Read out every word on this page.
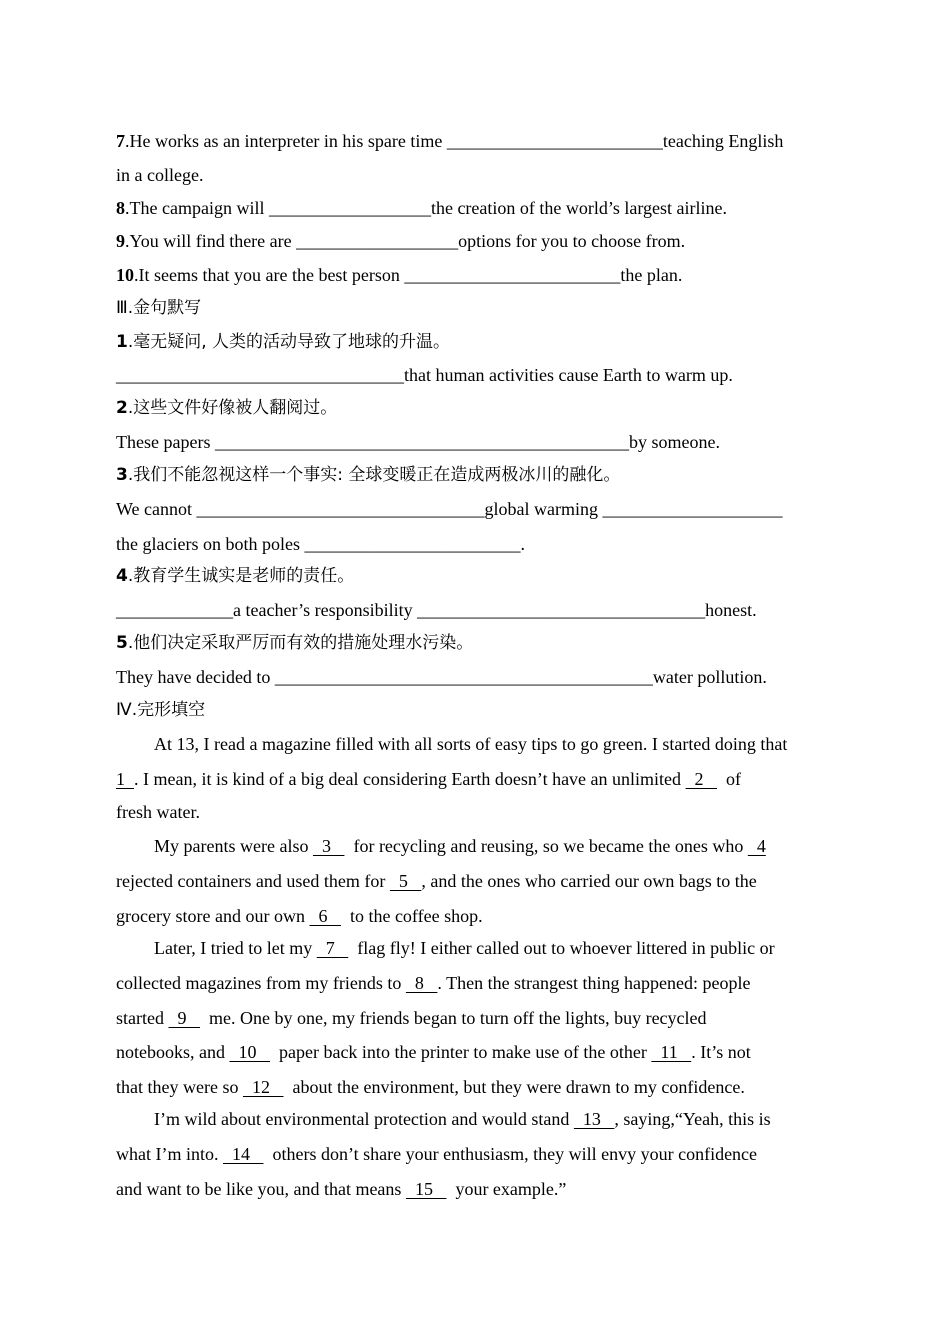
7.He works as an interpreter in his spare time ________________________teaching English
in a college.
8.The campaign will __________________the creation of the world’s largest airline.
9.You will find there are __________________options for you to choose from.
10.It seems that you are the best person ________________________the plan.
Ⅲ.金句默写
1.毫无疑问, 人类的活动导致了地球的升温。
________________________________that human activities cause Earth to warm up.
2.这些文件好像被人翻阅过。
These papers ______________________________________________by someone.
3.我们不能忽视这样一个事实: 全球变暖正在造成两极冰川的融化。
We cannot ________________________________global warming ____________________
the glaciers on both poles ________________________.
4.教育学生诚实是老师的责任。
_____________a teacher’s responsibility ________________________________honest.
5.他们决定采取严厉而有效的措施处理水污染。
They have decided to __________________________________________water pollution.
Ⅳ.完形填空
At 13, I read a magazine filled with all sorts of easy tips to go green. I started doing that
1  . I mean, it is kind of a big deal considering Earth doesn’t have an unlimited   2     of
fresh water.
My parents were also   3     for recycling and reusing, so we became the ones who   4
rejected containers and used them for   5   , and the ones who carried our own bags to the
grocery store and our own   6     to the coffee shop.
Later, I tried to let my   7     flag fly! I either called out to whoever littered in public or
collected magazines from my friends to   8   . Then the strangest thing happened: people
started   9     me. One by one, my friends began to turn off the lights, buy recycled
notebooks, and   10     paper back into the printer to make use of the other   11   . It’s not
that they were so   12     about the environment, but they were drawn to my confidence.
I’m wild about environmental protection and would stand   13   , saying,“Yeah, this is
what I’m into.   14     others don’t share your enthusiasm, they will envy your confidence
and want to be like you, and that means   15     your example.”
